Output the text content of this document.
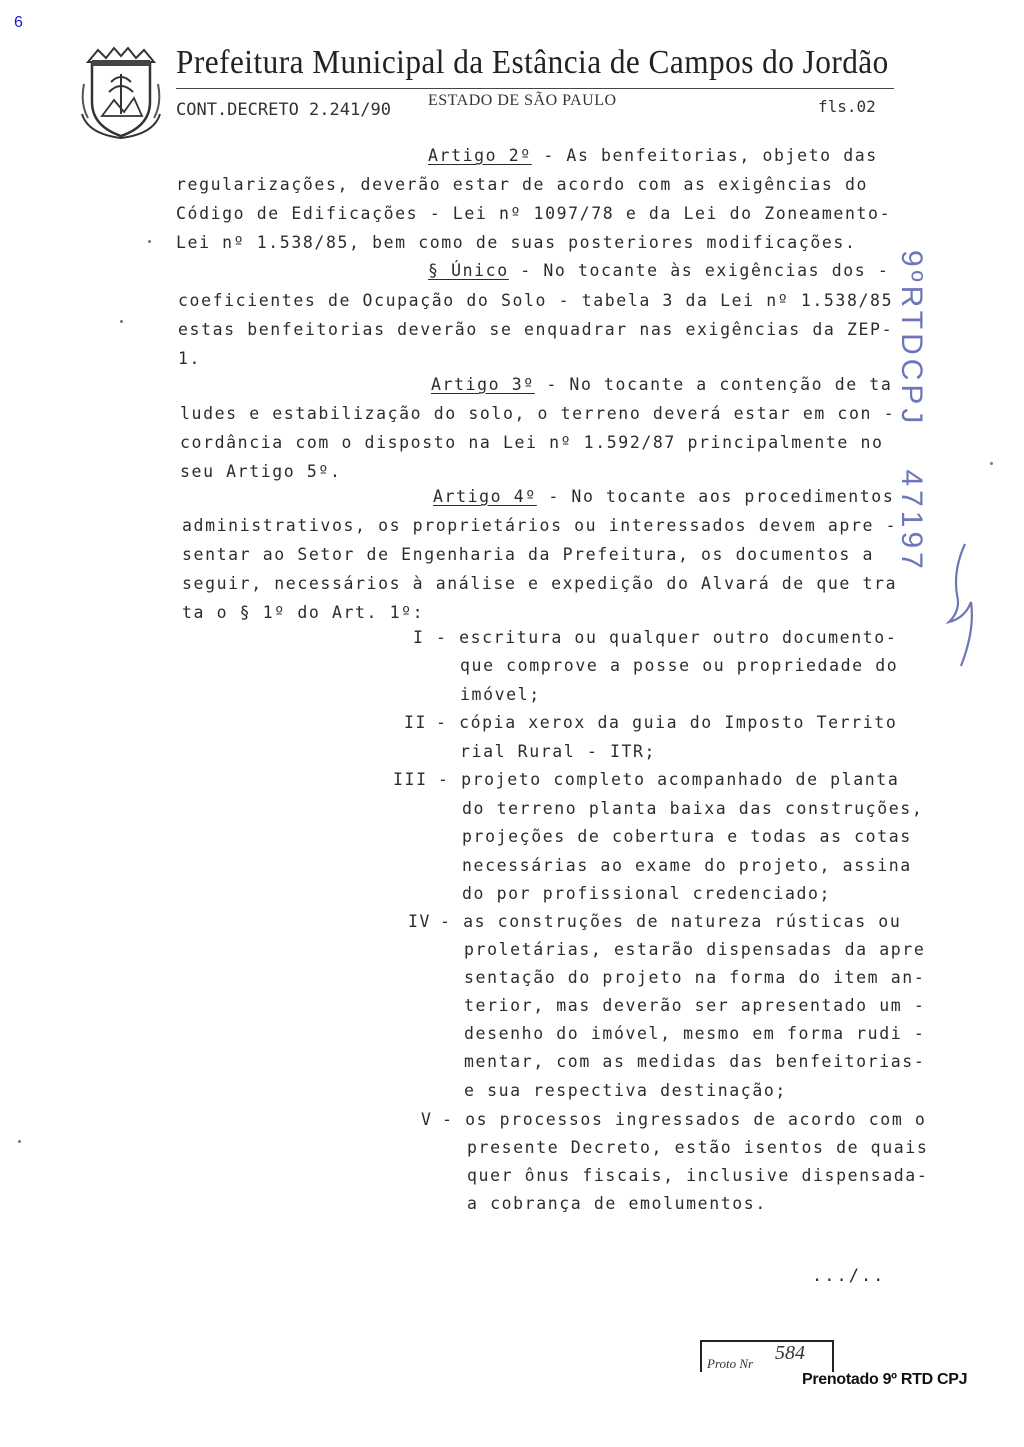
6
Prefeitura Municipal da Estância de Campos do Jordão
ESTADO DE SÃO PAULO
CONT.DECRETO 2.241/90	fls.02
Artigo 2º - As benfeitorias, objeto das
regularizações, deverão estar de acordo com as exigências do
Código de Edificações - Lei nº 1097/78 e da Lei do Zoneamento-
Lei nº 1.538/85, bem como de suas posteriores modificações.
§ Único - No tocante às exigências dos -
coeficientes de Ocupação do Solo - tabela 3 da Lei nº 1.538/85
estas benfeitorias deverão se enquadrar nas exigências da ZEP-
1.
Artigo 3º - No tocante a contenção de ta
ludes e estabilização do solo, o terreno deverá estar em con -
cordância com o disposto na Lei nº 1.592/87 principalmente no
seu Artigo 5º.
Artigo 4º - No tocante aos procedimentos
administrativos, os proprietários ou interessados devem apre -
sentar ao Setor de Engenharia da Prefeitura, os documentos a
seguir, necessários à análise e expedição do Alvará de que tra
ta o § 1º do Art. 1º:
I - escritura ou qualquer outro documento-
que comprove a posse ou propriedade do
imóvel;
II - cópia xerox da guia do Imposto Territo
rial Rural - ITR;
III - projeto completo acompanhado de planta
do terreno planta baixa das construções,
projeções de cobertura e todas as cotas
necessárias ao exame do projeto, assina
do por profissional credenciado;
IV - as construções de natureza rústicas ou
proletárias, estarão dispensadas da apre
sentação do projeto na forma do item an-
terior, mas deverão ser apresentado um -
desenho do imóvel, mesmo em forma rudi -
mentar, com as medidas das benfeitorias-
e sua respectiva destinação;
V - os processos ingressados de acordo com o
presente Decreto, estão isentos de quais
quer ônus fiscais, inclusive dispensada-
a cobrança de emolumentos.
.../..
9ºRTDCPJ47197
Proto Nr 584
Prenotado 9º RTD CPJ
